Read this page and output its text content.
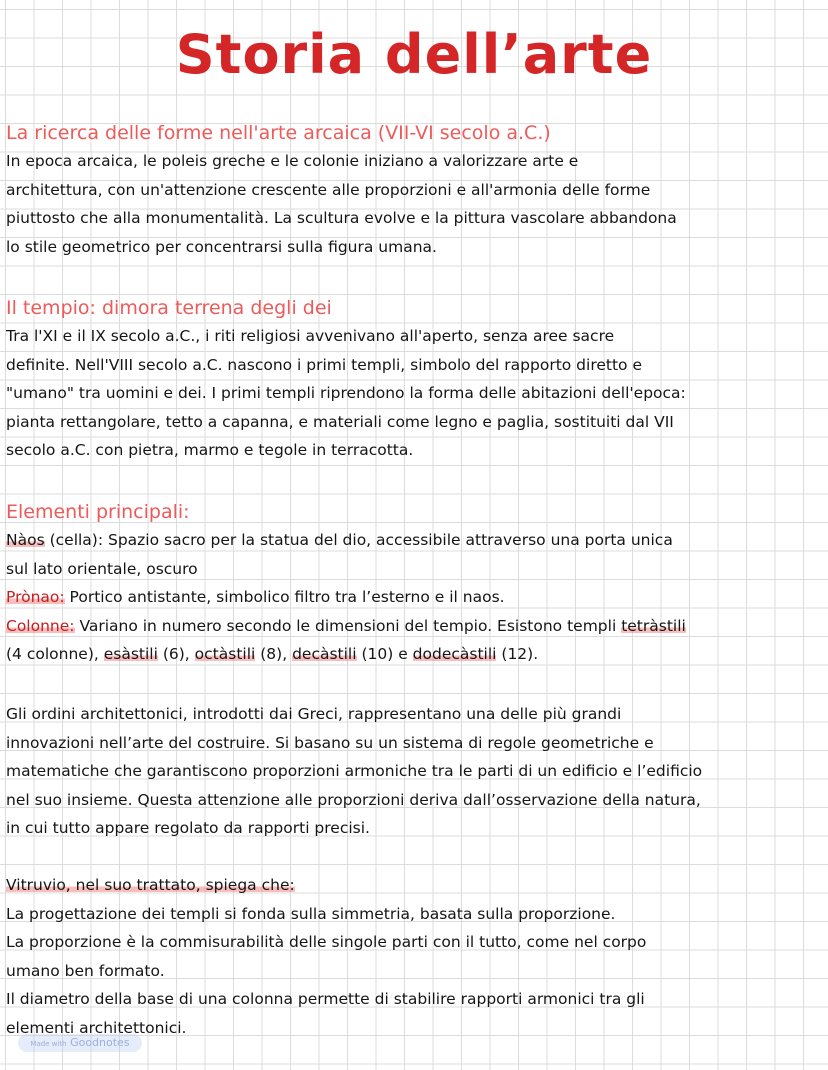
Storia dell’arte
La ricerca delle forme nell'arte arcaica (VII-VI secolo a.C.)
In epoca arcaica, le poleis greche e le colonie iniziano a valorizzare arte e
architettura, con un'attenzione crescente alle proporzioni e all'armonia delle forme
piuttosto che alla monumentalità. La scultura evolve e la pittura vascolare abbandona
lo stile geometrico per concentrarsi sulla figura umana.
Il tempio: dimora terrena degli dei
Tra l'XI e il IX secolo a.C., i riti religiosi avvenivano all'aperto, senza aree sacre
definite. Nell'VIII secolo a.C. nascono i primi templi, simbolo del rapporto diretto e
"umano" tra uomini e dei. I primi templi riprendono la forma delle abitazioni dell'epoca:
pianta rettangolare, tetto a capanna, e materiali come legno e paglia, sostituiti dal VII
secolo a.C. con pietra, marmo e tegole in terracotta.
Elementi principali:
Nàos (cella): Spazio sacro per la statua del dio, accessibile attraverso una porta unica
sul lato orientale, oscuro
Prònao: Portico antistante, simbolico filtro tra l’esterno e il naos.
Colonne: Variano in numero secondo le dimensioni del tempio. Esistono templi tetràstili
(4 colonne), esàstili (6), octàstili (8), decàstili (10) e dodecàstili (12).
Gli ordini architettonici, introdotti dai Greci, rappresentano una delle più grandi
innovazioni nell’arte del costruire. Si basano su un sistema di regole geometriche e
matematiche che garantiscono proporzioni armoniche tra le parti di un edificio e l’edificio
nel suo insieme. Questa attenzione alle proporzioni deriva dall’osservazione della natura,
in cui tutto appare regolato da rapporti precisi.
Vitruvio, nel suo trattato, spiega che:
La progettazione dei templi si fonda sulla simmetria, basata sulla proporzione.
La proporzione è la commisurabilità delle singole parti con il tutto, come nel corpo
umano ben formato.
Il diametro della base di una colonna permette di stabilire rapporti armonici tra gli
elementi architettonici.
Made with Goodnotes
